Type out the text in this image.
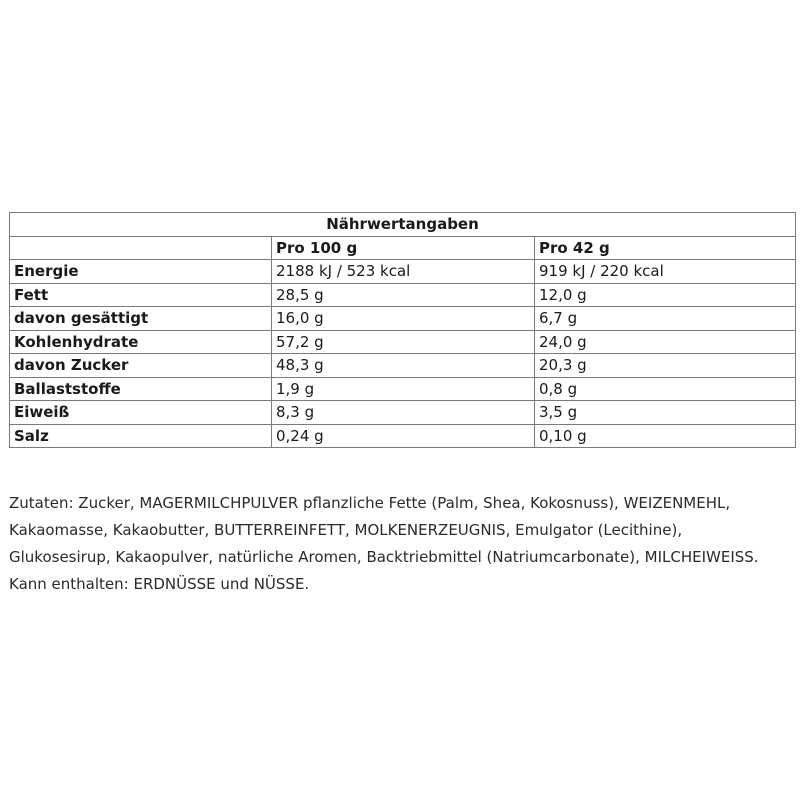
Nährwertangaben		
	Pro 100 g	Pro 42 g
Energie	2188 kJ / 523 kcal	919 kJ / 220 kcal
Fett	28,5 g	12,0 g
davon gesättigt	16,0 g	6,7 g
Kohlenhydrate	57,2 g	24,0 g
davon Zucker	48,3 g	20,3 g
Ballaststoffe	1,9 g	0,8 g
Eiweiß	8,3 g	3,5 g
Salz	0,24 g	0,10 g

Zutaten: Zucker, MAGERMILCHPULVER pflanzliche Fette (Palm, Shea, Kokosnuss), WEIZENMEHL,

Kakaomasse, Kakaobutter, BUTTERREINFETT, MOLKENERZEUGNIS, Emulgator (Lecithine),

Glukosesirup, Kakaopulver, natürliche Aromen, Backtriebmittel (Natriumcarbonate), MILCHEIWEISS.

Kann enthalten: ERDNÜSSE und NÜSSE.
